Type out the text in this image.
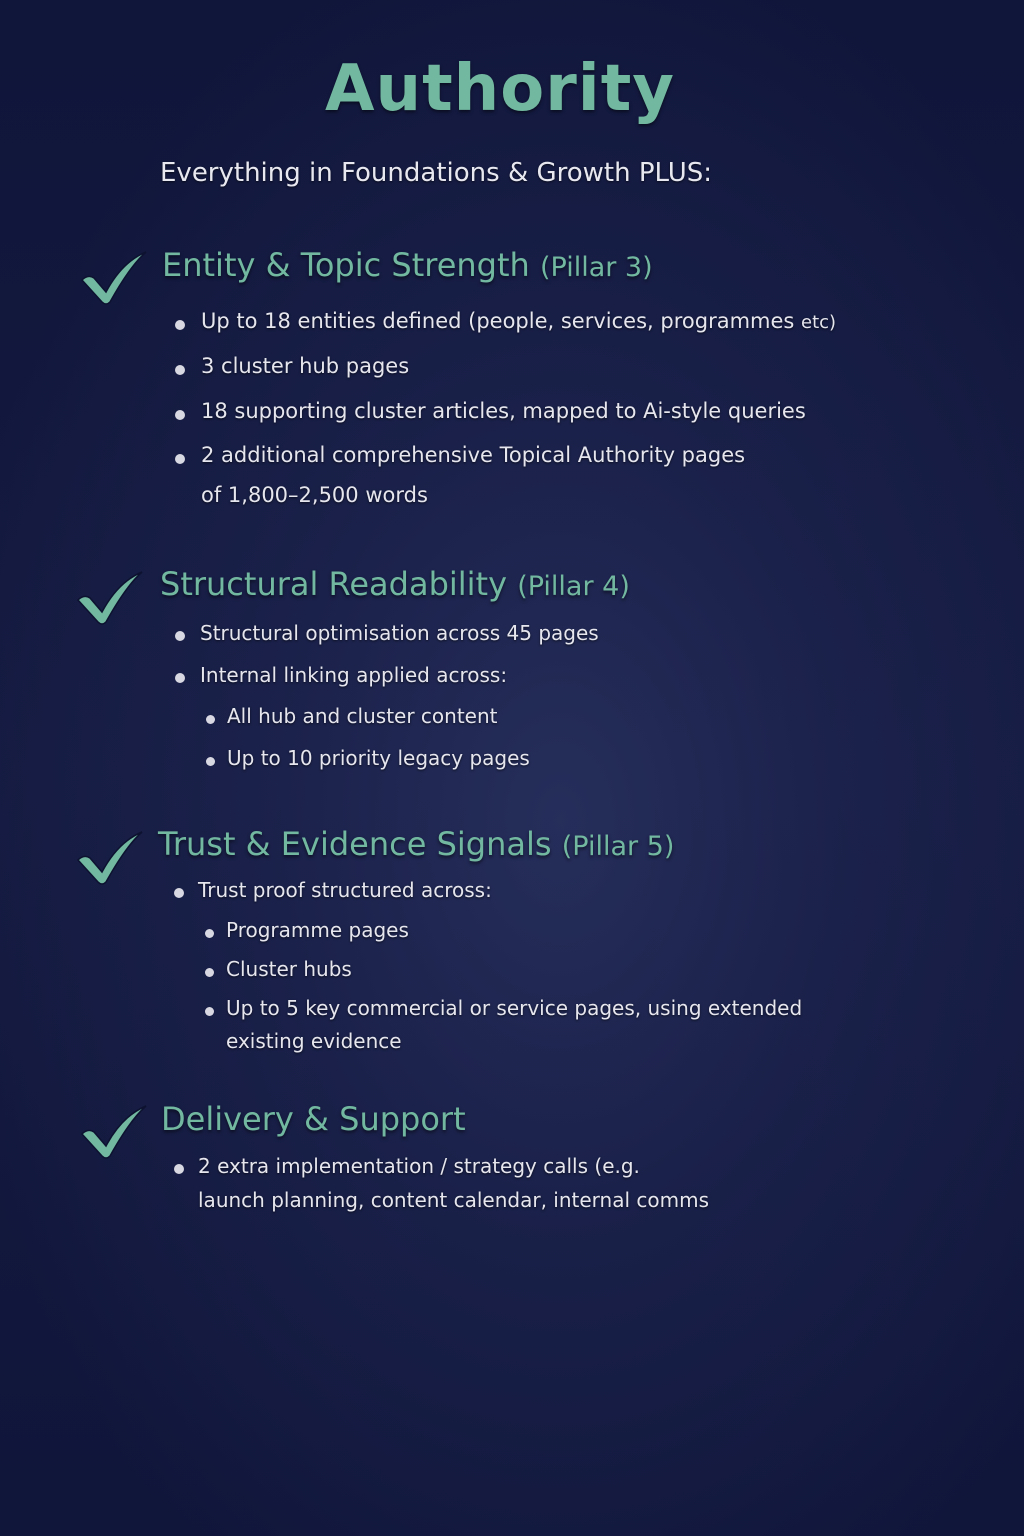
Authority
Everything in Foundations & Growth PLUS:
Entity & Topic Strength (Pillar 3)
Up to 18 entities defined (people, services, programmes etc)
3 cluster hub pages
18 supporting cluster articles, mapped to Ai-style queries
2 additional comprehensive Topical Authority pages
of 1,800–2,500 words
Structural Readability (Pillar 4)
Structural optimisation across 45 pages
Internal linking applied across:
All hub and cluster content
Up to 10 priority legacy pages
Trust & Evidence Signals (Pillar 5)
Trust proof structured across:
Programme pages
Cluster hubs
Up to 5 key commercial or service pages, using extended
existing evidence
Delivery & Support
2 extra implementation / strategy calls (e.g.
launch planning, content calendar, internal comms
